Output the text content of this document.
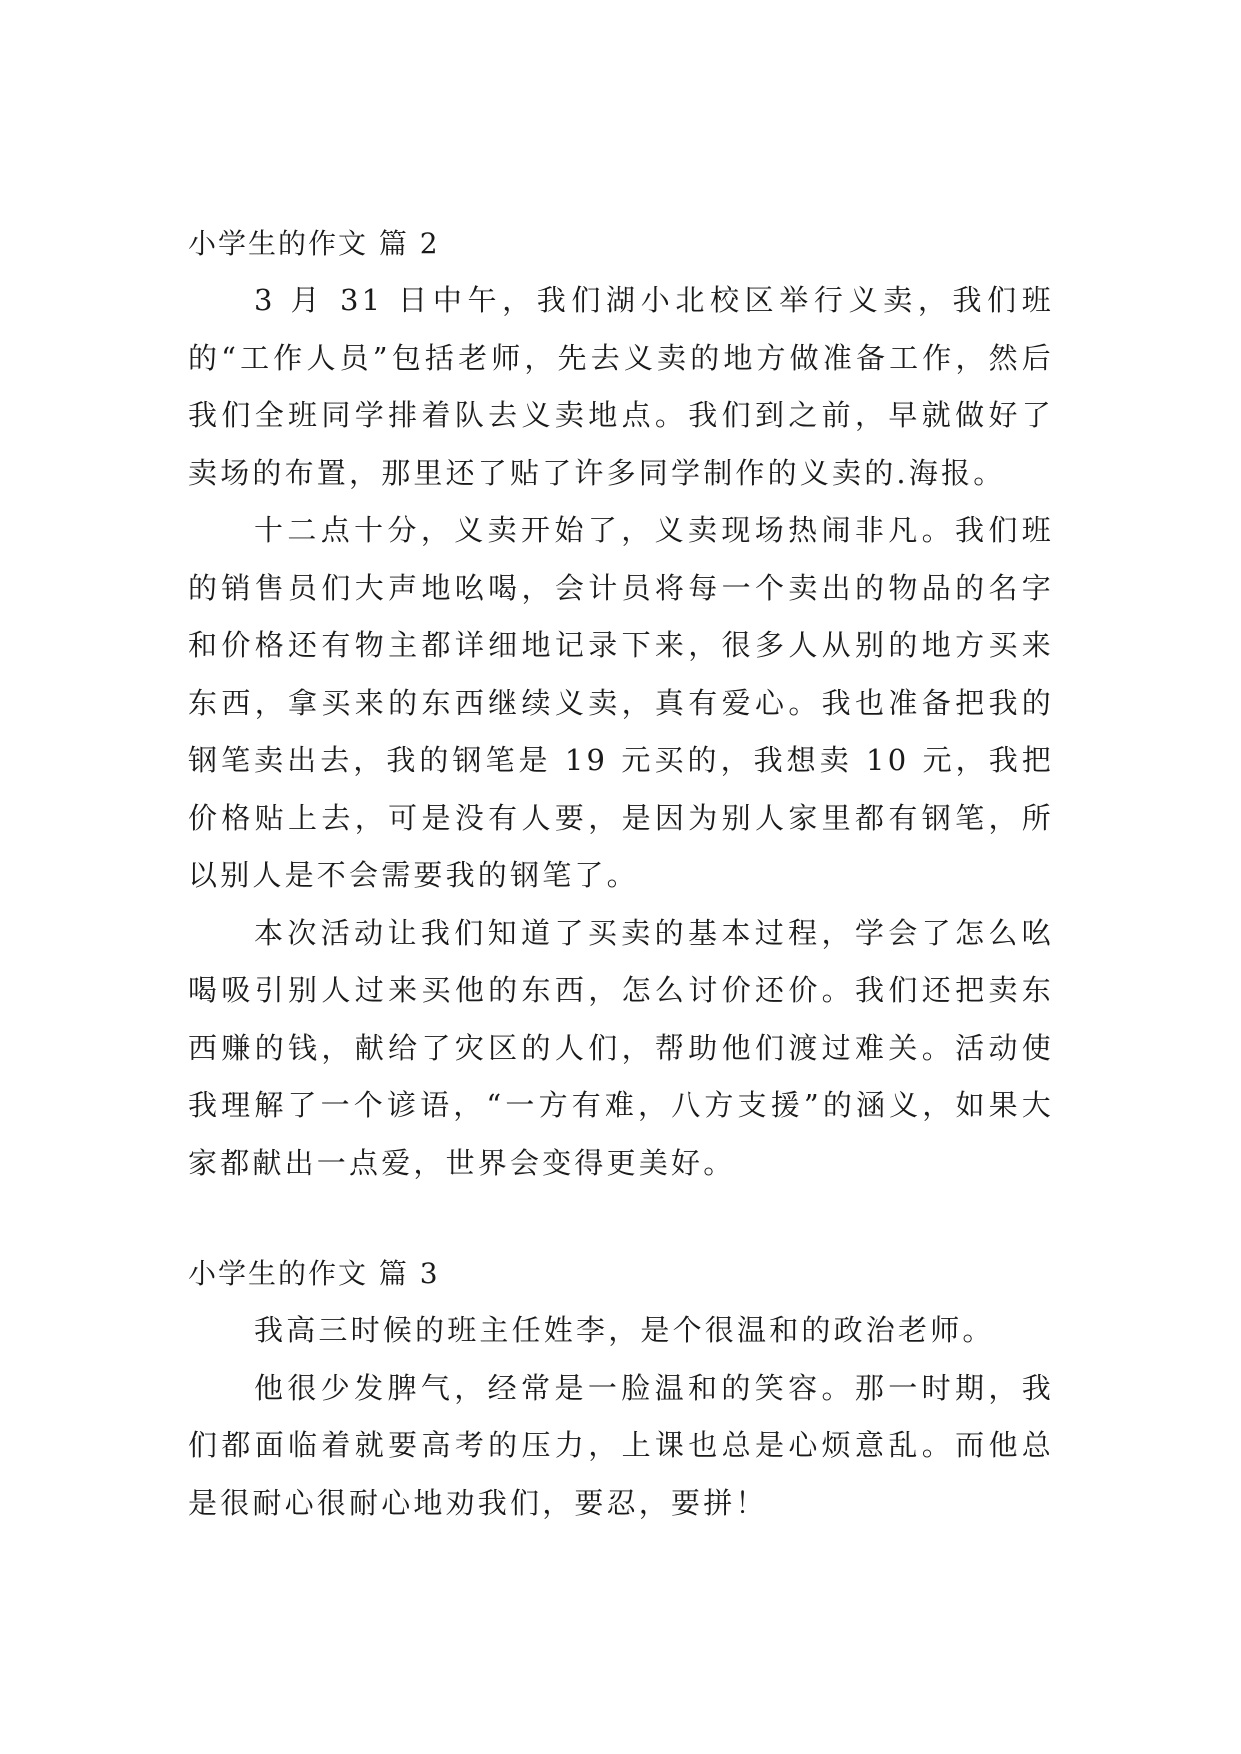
小学生的作文 篇 2

3 月 31 日中午，我们湖小北校区举行义卖，我们班的“工作人员”包括老师，先去义卖的地方做准备工作，然后我们全班同学排着队去义卖地点。我们到之前，早就做好了卖场的布置，那里还了贴了许多同学制作的义卖的.海报。

十二点十分，义卖开始了，义卖现场热闹非凡。我们班的销售员们大声地吆喝，会计员将每一个卖出的物品的名字和价格还有物主都详细地记录下来，很多人从别的地方买来东西，拿买来的东西继续义卖，真有爱心。我也准备把我的钢笔卖出去，我的钢笔是 19 元买的，我想卖 10 元，我把价格贴上去，可是没有人要，是因为别人家里都有钢笔，所以别人是不会需要我的钢笔了。

本次活动让我们知道了买卖的基本过程，学会了怎么吆喝吸引别人过来买他的东西，怎么讨价还价。我们还把卖东西赚的钱，献给了灾区的人们，帮助他们渡过难关。活动使我理解了一个谚语，“一方有难，八方支援”的涵义，如果大家都献出一点爱，世界会变得更美好。

小学生的作文 篇 3

我高三时候的班主任姓李，是个很温和的政治老师。

他很少发脾气，经常是一脸温和的笑容。那一时期，我们都面临着就要高考的压力，上课也总是心烦意乱。而他总是很耐心很耐心地劝我们，要忍，要拼！
